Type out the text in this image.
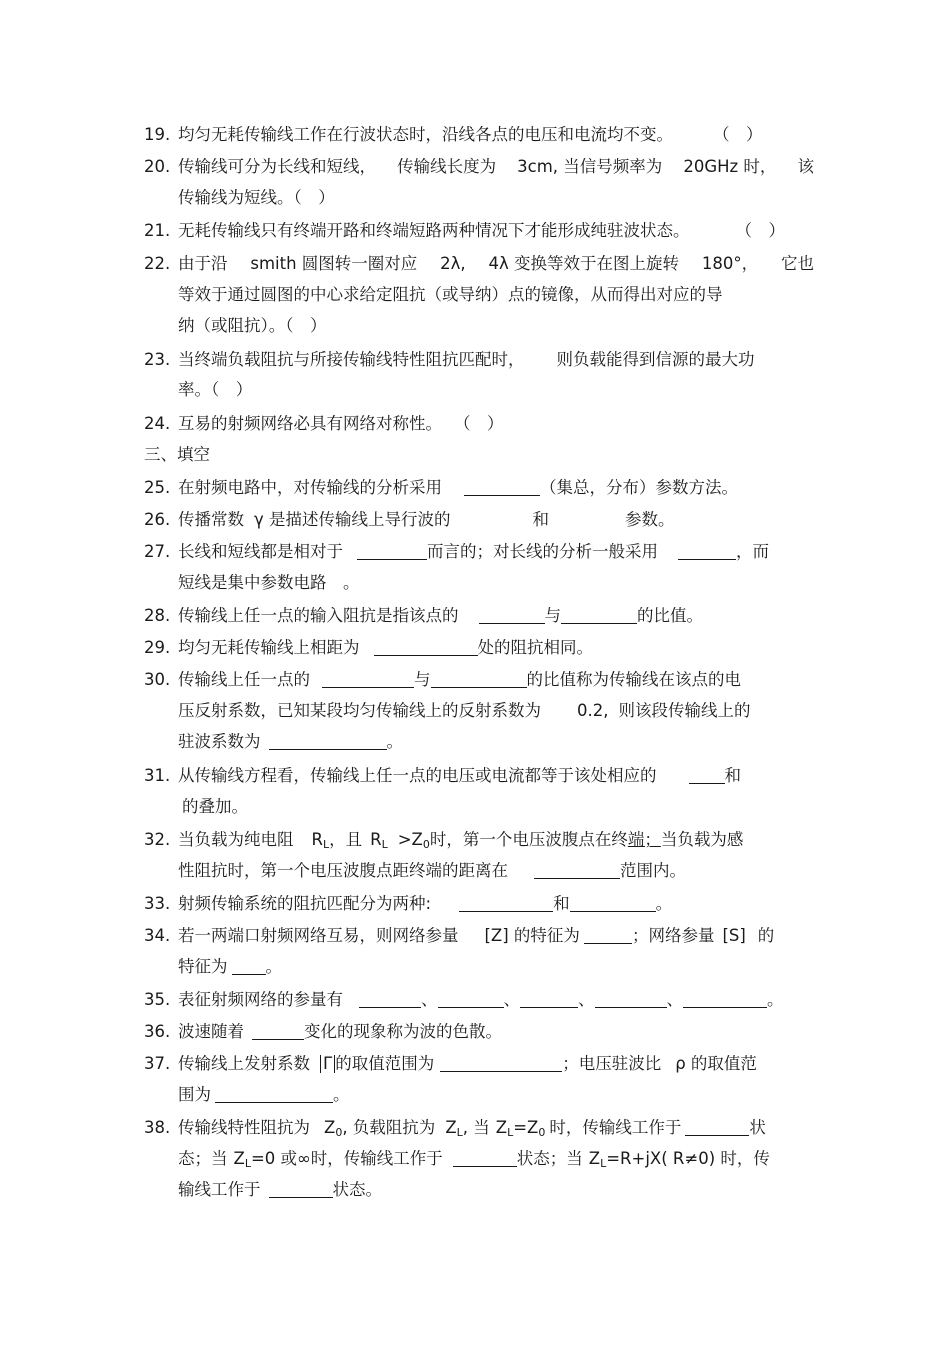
19. 均匀无耗传输线工作在行波状态时，沿线各点的电压和电流均不变。 （　）
20. 传输线可分为长线和短线， 传输线长度为 3cm, 当信号频率为 20GHz 时， 该
传输线为短线。（　）
21. 无耗传输线只有终端开路和终端短路两种情况下才能形成纯驻波状态。	（　）
22. 由于沿 smith 圆图转一圈对应 2λ, 4λ 变换等效于在图上旋转 180°， 它也
等效于通过圆图的中心求给定阻抗（或导纳）点的镜像，从而得出对应的导
纳（或阻抗）。（　）
23. 当终端负载阻抗与所接传输线特性阻抗匹配时， 则负载能得到信源的最大功
率。（　）
24. 互易的射频网络必具有网络对称性。 （　）
三、填空
25. 在射频电路中，对传输线的分析采用	（集总，分布）参数方法。
26. 传播常数 γ 是描述传输线上导行波的	和	参数。
27. 长线和短线都是相对于	而言的；对长线的分析一般采用	，而
短线是集中参数电路　。
28. 传输线上任一点的输入阻抗是指该点的	与	的比值。
29. 均匀无耗传输线上相距为	处的阻抗相同。
30. 传输线上任一点的	与	的比值称为传输线在该点的电
压反射系数，已知某段均匀传输线上的反射系数为 0.2, 则该段传输线上的
驻波系数为	。
31. 从传输线方程看，传输线上任一点的电压或电流都等于该处相应的	和
的叠加。
32. 当负载为纯电阻 $R_L$，且 $R_L >Z_0$时，第一个电压波腹点在终端；当负载为感
性阻抗时，第一个电压波腹点距终端的距离在	范围内。
33. 射频传输系统的阻抗匹配分为两种:	和	。
34. 若一两端口射频网络互易，则网络参量 [Z] 的特征为	；网络参量 [S] 的
特征为 。
35. 表征射频网络的参量有	、	、	、	、	。
36. 波速随着	变化的现象称为波的色散。
37. 传输线上发射系数 Γ 的取值范围为	；电压驻波比 ρ 的取值范
围为	。
38. 传输线特性阻抗为 $Z_0$, 负载阻抗为 $Z_L$, 当 $Z_L=Z_0$ 时，传输线工作于	状
态；当 $Z_L=0$ 或∞时，传输线工作于	状态；当 $Z_L=R+jX$( R≠0) 时，传
输线工作于	状态。
